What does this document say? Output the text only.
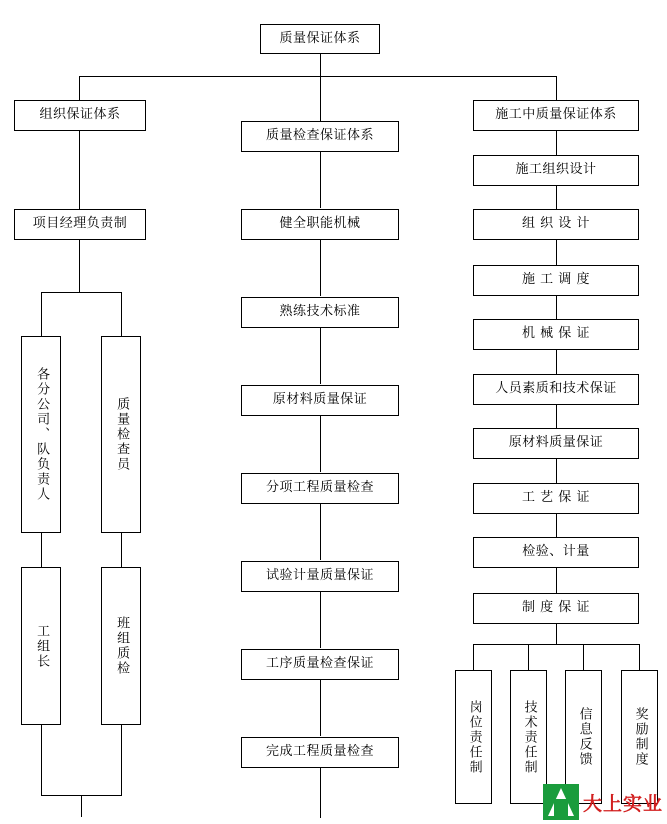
质量保证体系
组织保证体系
项目经理负责制
各分公司、队负责人	质量检查员
工组长	班组质检
质量检查保证体系
健全职能机械
熟练技术标准
原材料质量保证
分项工程质量检查
试验计量质量保证
工序质量检查保证
完成工程质量检查
施工中质量保证体系
施工组织设计
组 织 设 计
施 工 调 度
机 械 保 证
人员素质和技术保证
原材料质量保证
工 艺 保 证
检验、计量
制 度 保 证
岗位责任制	技术责任制	信息反馈	奖励制度
大上实业
